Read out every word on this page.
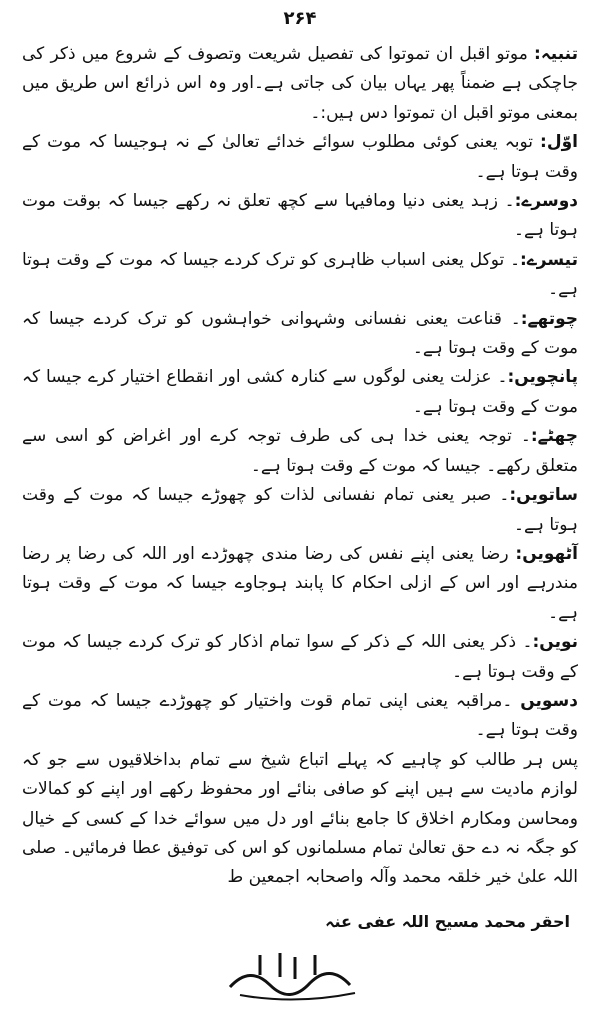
۲۶۴

تنبیہ: موتو اقبل ان تموتوا کی تفصیل شریعت وتصوف کے شروع میں ذکر کی جاچکی ہے ضمناً پھر یہاں بیان کی جاتی ہے۔اور وہ اس ذرائع اس طریق میں بمعنی موتو اقبل ان تموتوا دس ہیں:۔

اوّل: توبہ یعنی کوئی مطلوب سوائے خدائے تعالیٰ کے نہ ہوجیسا کہ موت کے وقت ہوتا ہے۔

دوسرے:۔ زہد یعنی دنیا ومافیہا سے کچھ تعلق نہ رکھے جیسا کہ بوقت موت ہوتا ہے۔

تیسرے:۔ توکل یعنی اسباب ظاہری کو ترک کردے جیسا کہ موت کے وقت ہوتا ہے۔

چوتھے:۔ قناعت یعنی نفسانی وشہوانی خواہشوں کو ترک کردے جیسا کہ موت کے وقت ہوتا ہے۔

پانچویں:۔ عزلت یعنی لوگوں سے کنارہ کشی اور انقطاع اختیار کرے جیسا کہ موت کے وقت ہوتا ہے۔

چھٹے:۔ توجہ یعنی خدا ہی کی طرف توجہ کرے اور اغراض کو اسی سے متعلق رکھے۔ جیسا کہ موت کے وقت ہوتا ہے۔

ساتویں:۔ صبر یعنی تمام نفسانی لذات کو چھوڑے جیسا کہ موت کے وقت ہوتا ہے۔

آٹھویں: رضا یعنی اپنے نفس کی رضا مندی چھوڑدے اور اللہ کی رضا پر رضا مندرہے اور اس کے ازلی احکام کا پابند ہوجاوے جیسا کہ موت کے وقت ہوتا ہے۔

نویں:۔ ذکر یعنی اللہ کے ذکر کے سوا تمام اذکار کو ترک کردے جیسا کہ موت کے وقت ہوتا ہے۔

دسویں ۔مراقبہ یعنی اپنی تمام قوت واختیار کو چھوڑدے جیسا کہ موت کے وقت ہوتا ہے۔

پس ہر طالب کو چاہیے کہ پہلے اتباع شیخ سے تمام بداخلاقیوں سے جو کہ لوازم مادیت سے ہیں اپنے کو صافی بنائے اور محفوظ رکھے اور اپنے کو کمالات ومحاسن ومکارم اخلاق کا جامع بنائے اور دل میں سوائے خدا کے کسی کے خیال کو جگہ نہ دے حق تعالیٰ تمام مسلمانوں کو اس کی توفیق عطا فرمائیں۔ صلی اللہ علیٰ خیر خلقہ محمد وآلہ واصحابہ اجمعین ط

احقر محمد مسیح اللہ عفی عنہ
